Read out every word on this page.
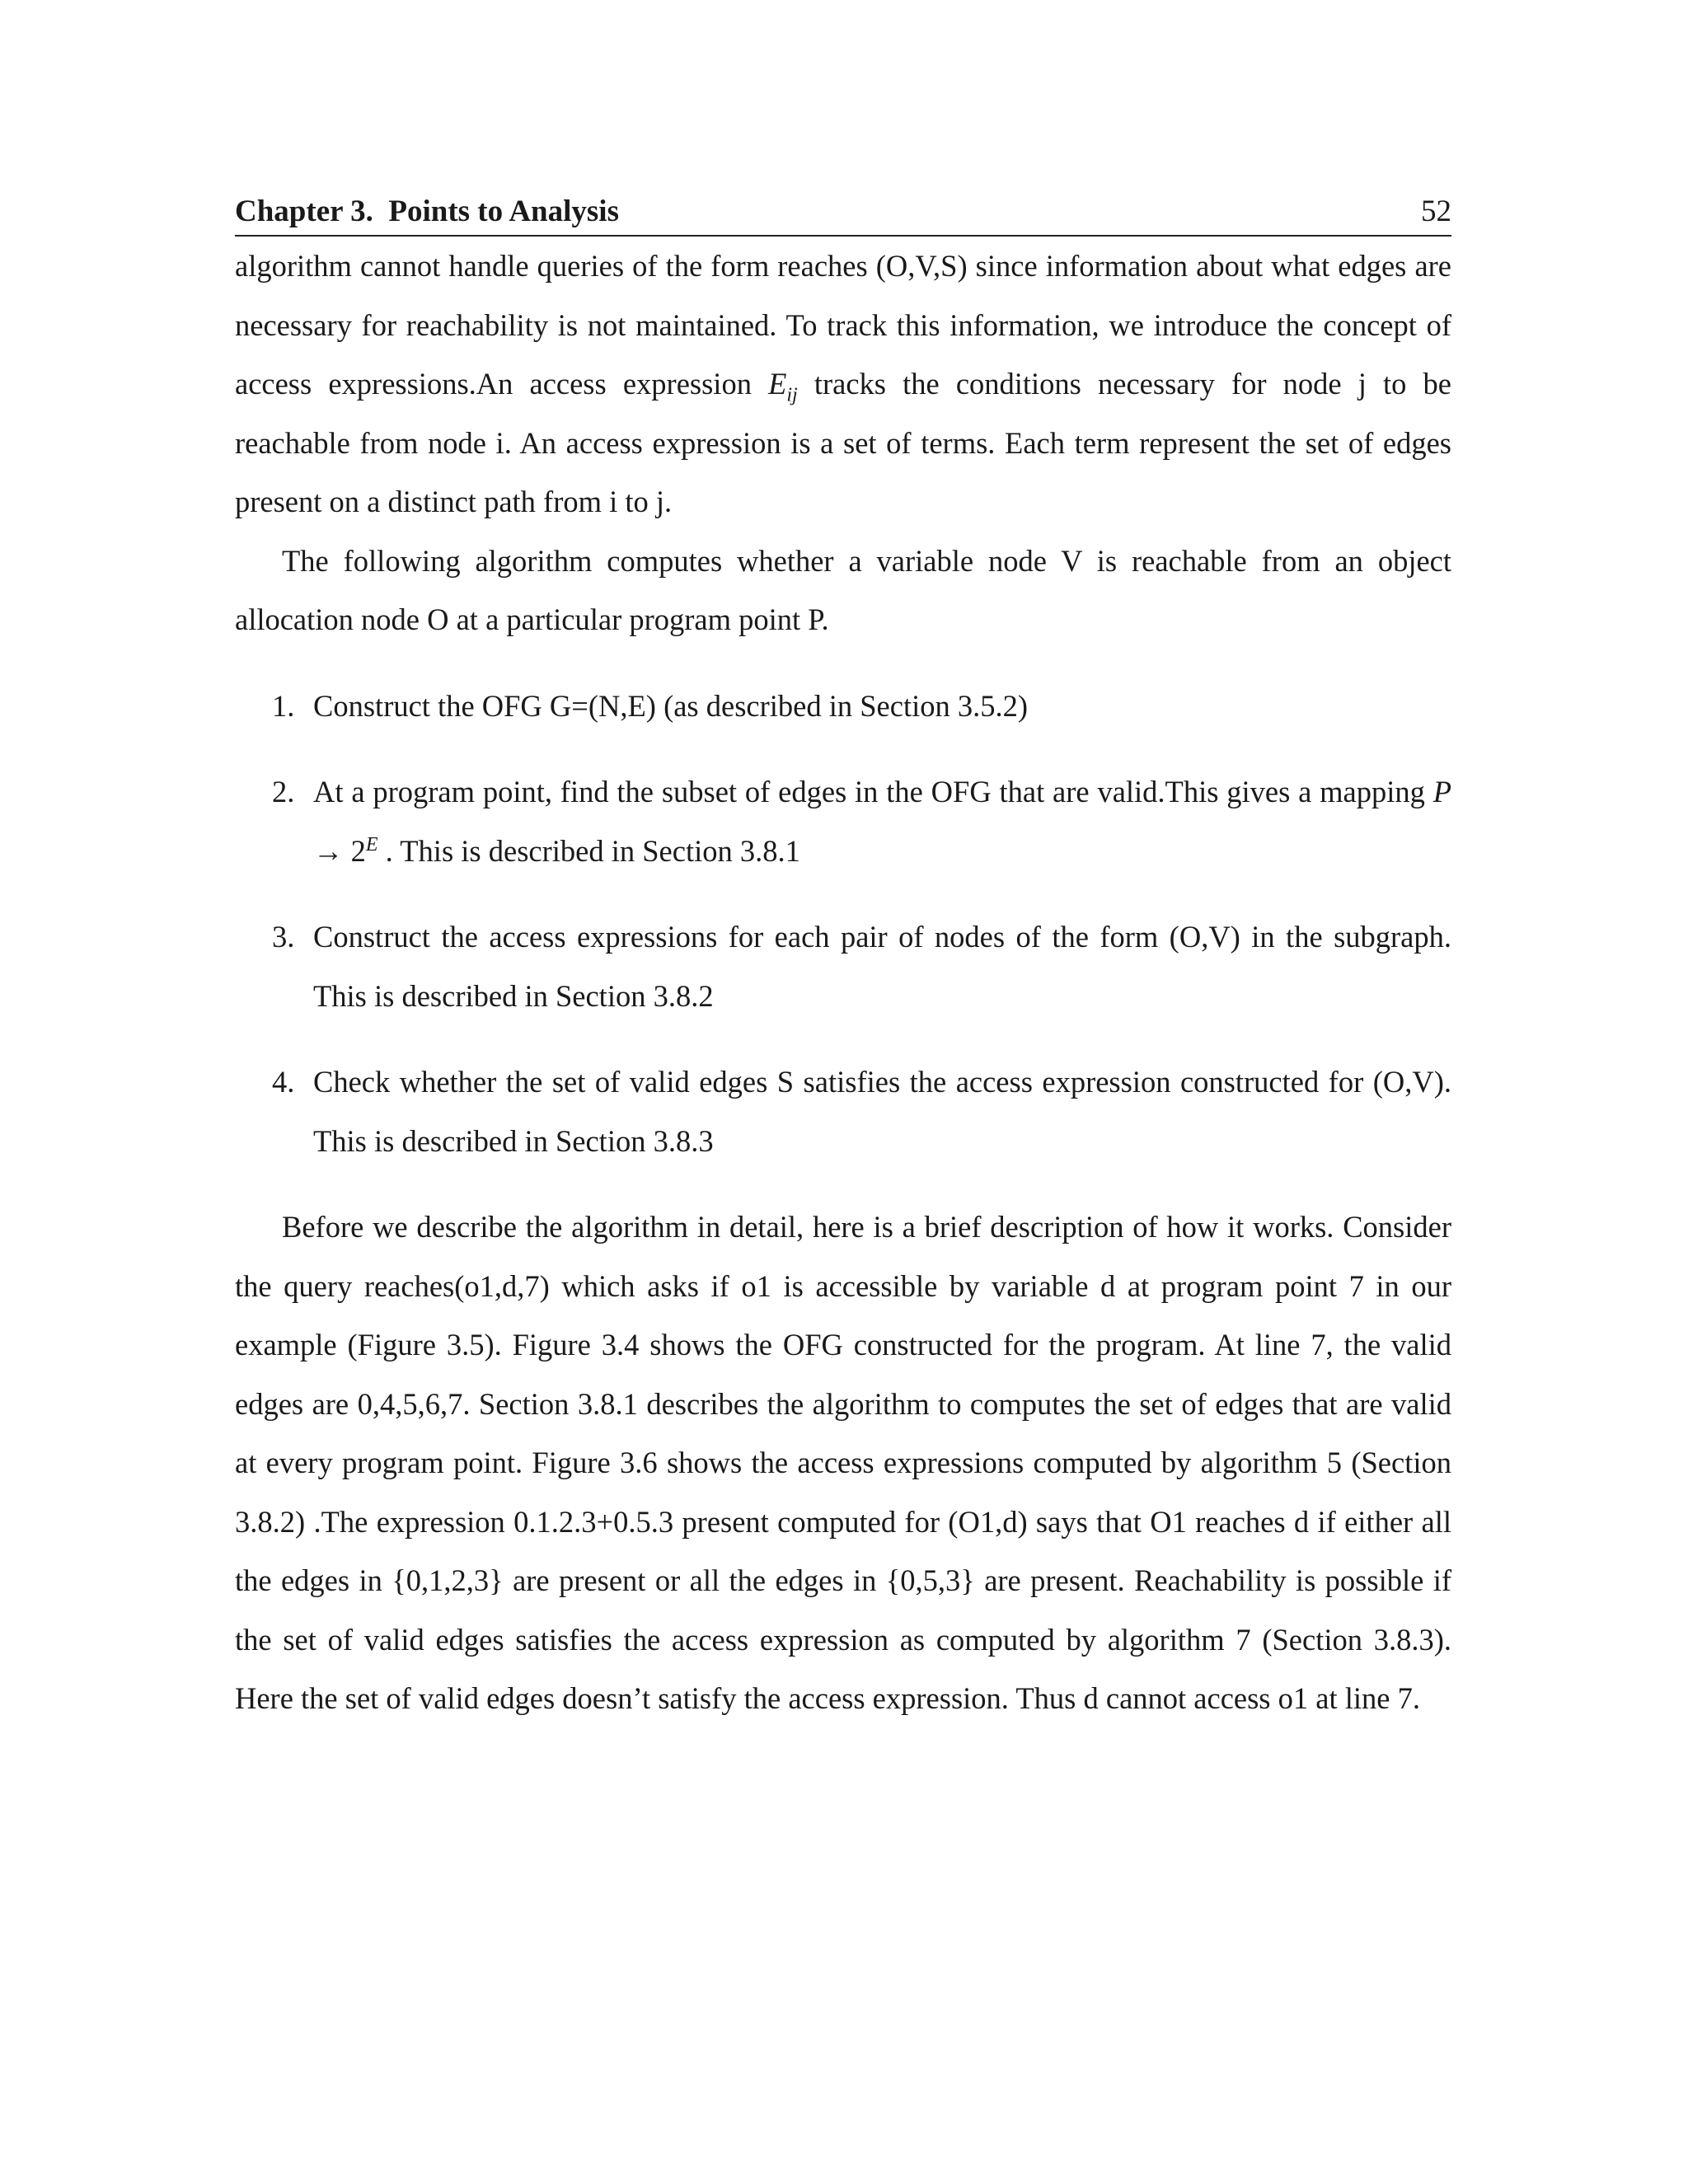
Chapter 3. Points to Analysis	52

algorithm cannot handle queries of the form reaches (O,V,S) since information about what edges are necessary for reachability is not maintained. To track this information, we introduce the concept of access expressions.An access expression $E_{ij}$ tracks the conditions necessary for node j to be reachable from node i. An access expression is a set of terms. Each term represent the set of edges present on a distinct path from i to j.

The following algorithm computes whether a variable node V is reachable from an object allocation node O at a particular program point P.

1. Construct the OFG G=(N,E) (as described in Section 3.5.2)
2. At a program point, find the subset of edges in the OFG that are valid.This gives a mapping $P \to 2^E$ . This is described in Section 3.8.1
3. Construct the access expressions for each pair of nodes of the form (O,V) in the subgraph. This is described in Section 3.8.2
4. Check whether the set of valid edges S satisfies the access expression constructed for (O,V). This is described in Section 3.8.3

Before we describe the algorithm in detail, here is a brief description of how it works. Consider the query reaches(o1,d,7) which asks if o1 is accessible by variable d at program point 7 in our example (Figure 3.5). Figure 3.4 shows the OFG constructed for the program. At line 7, the valid edges are 0,4,5,6,7. Section 3.8.1 describes the algorithm to computes the set of edges that are valid at every program point. Figure 3.6 shows the access expressions computed by algorithm 5 (Section 3.8.2) .The expression 0.1.2.3+0.5.3 present computed for (O1,d) says that O1 reaches d if either all the edges in {0,1,2,3} are present or all the edges in {0,5,3} are present. Reachability is possible if the set of valid edges satisfies the access expression as computed by algorithm 7 (Section 3.8.3). Here the set of valid edges doesn’t satisfy the access expression. Thus d cannot access o1 at line 7.
